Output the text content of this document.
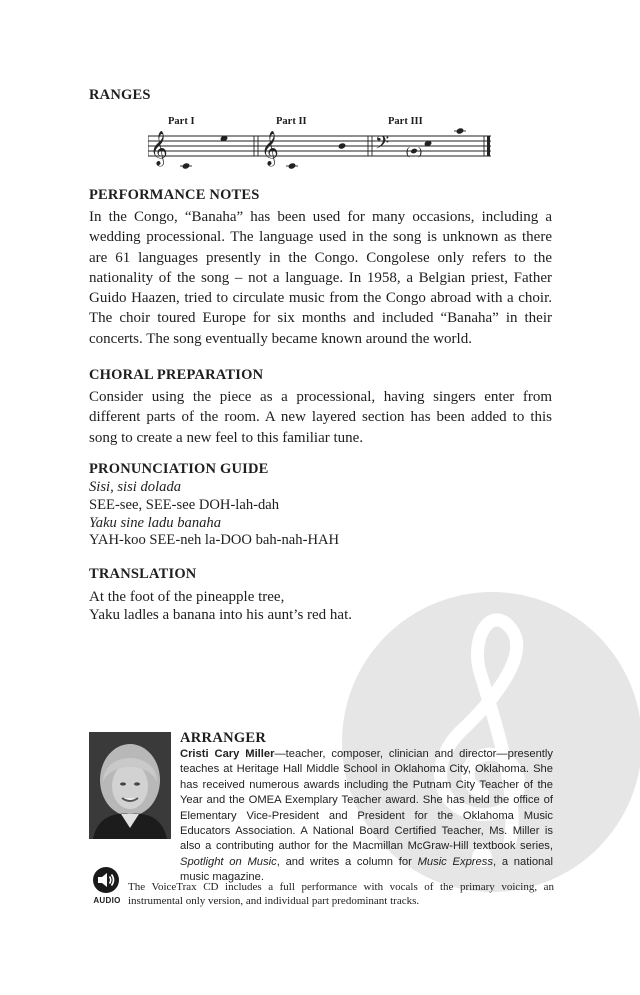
RANGES
Part I	Part II	Part III
𝄞	𝄞	𝄢 ( )
PERFORMANCE NOTES
In the Congo, “Banaha” has been used for many occasions, including a wedding processional. The language used in the song is unknown as there are 61 languages presently in the Congo. Congolese only refers to the nationality of the song – not a language. In 1958, a Belgian priest, Father Guido Haazen, tried to circulate music from the Congo abroad with a choir. The choir toured Europe for six months and included “Banaha” in their concerts. The song eventually became known around the world.
CHORAL PREPARATION
Consider using the piece as a processional, having singers enter from different parts of the room. A new layered section has been added to this song to create a new feel to this familiar tune.
PRONUNCIATION GUIDE
Sisi, sisi dolada
SEE-see, SEE-see DOH-lah-dah
Yaku sine ladu banaha
YAH-koo SEE-neh la-DOO bah-nah-HAH
TRANSLATION
At the foot of the pineapple tree,
Yaku ladles a banana into his aunt’s red hat.
ARRANGER
Cristi Cary Miller—teacher, composer, clinician and director—presently teaches at Heritage Hall Middle School in Oklahoma City, Oklahoma. She has received numerous awards including the Putnam City Teacher of the Year and the OMEA Exemplary Teacher award. She has held the office of Elementary Vice-President and President for the Oklahoma Music Educators Association. A National Board Certified Teacher, Ms. Miller is also a contributing author for the Macmillan McGraw-Hill textbook series, Spotlight on Music, and writes a column for Music Express, a national music magazine.
AUDIO
The VoiceTrax CD includes a full performance with vocals of the primary voicing, an instrumental only version, and individual part predominant tracks.
